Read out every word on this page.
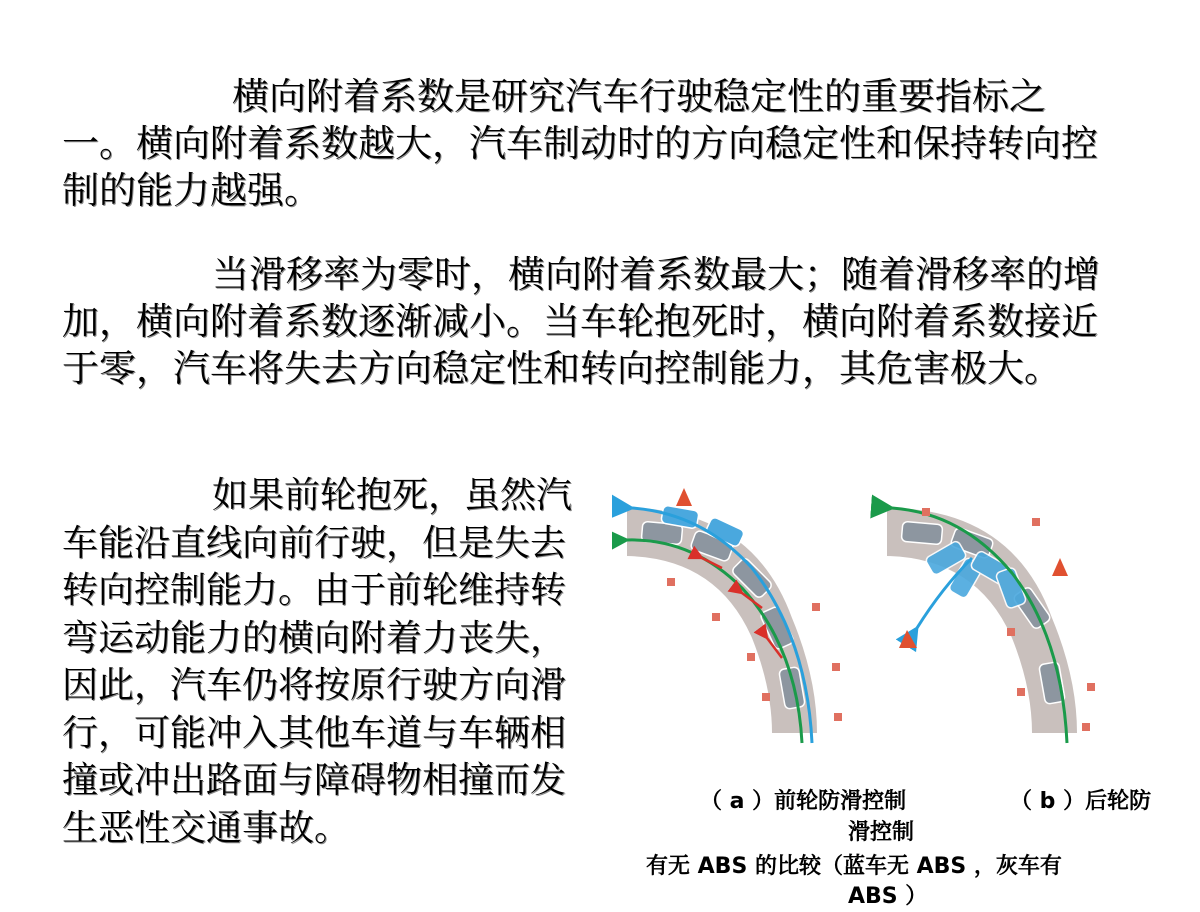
横向附着系数是研究汽车行驶稳定性的重要指标之一。横向附着系数越大，汽车制动时的方向稳定性和保持转向控制的能力越强。

当滑移率为零时，横向附着系数最大；随着滑移率的增加，横向附着系数逐渐减小。当车轮抱死时，横向附着系数接近于零，汽车将失去方向稳定性和转向控制能力，其危害极大。

如果前轮抱死，虽然汽车能沿直线向前行驶，但是失去转向控制能力。由于前轮维持转弯运动能力的横向附着力丧失，因此，汽车仍将按原行驶方向滑行，可能冲入其他车道与车辆相撞或冲出路面与障碍物相撞而发生恶性交通事故。

（ a ）前轮防滑控制	（ b ）后轮防
滑控制
有无 ABS 的比较（蓝车无 ABS ，灰车有
ABS ）
